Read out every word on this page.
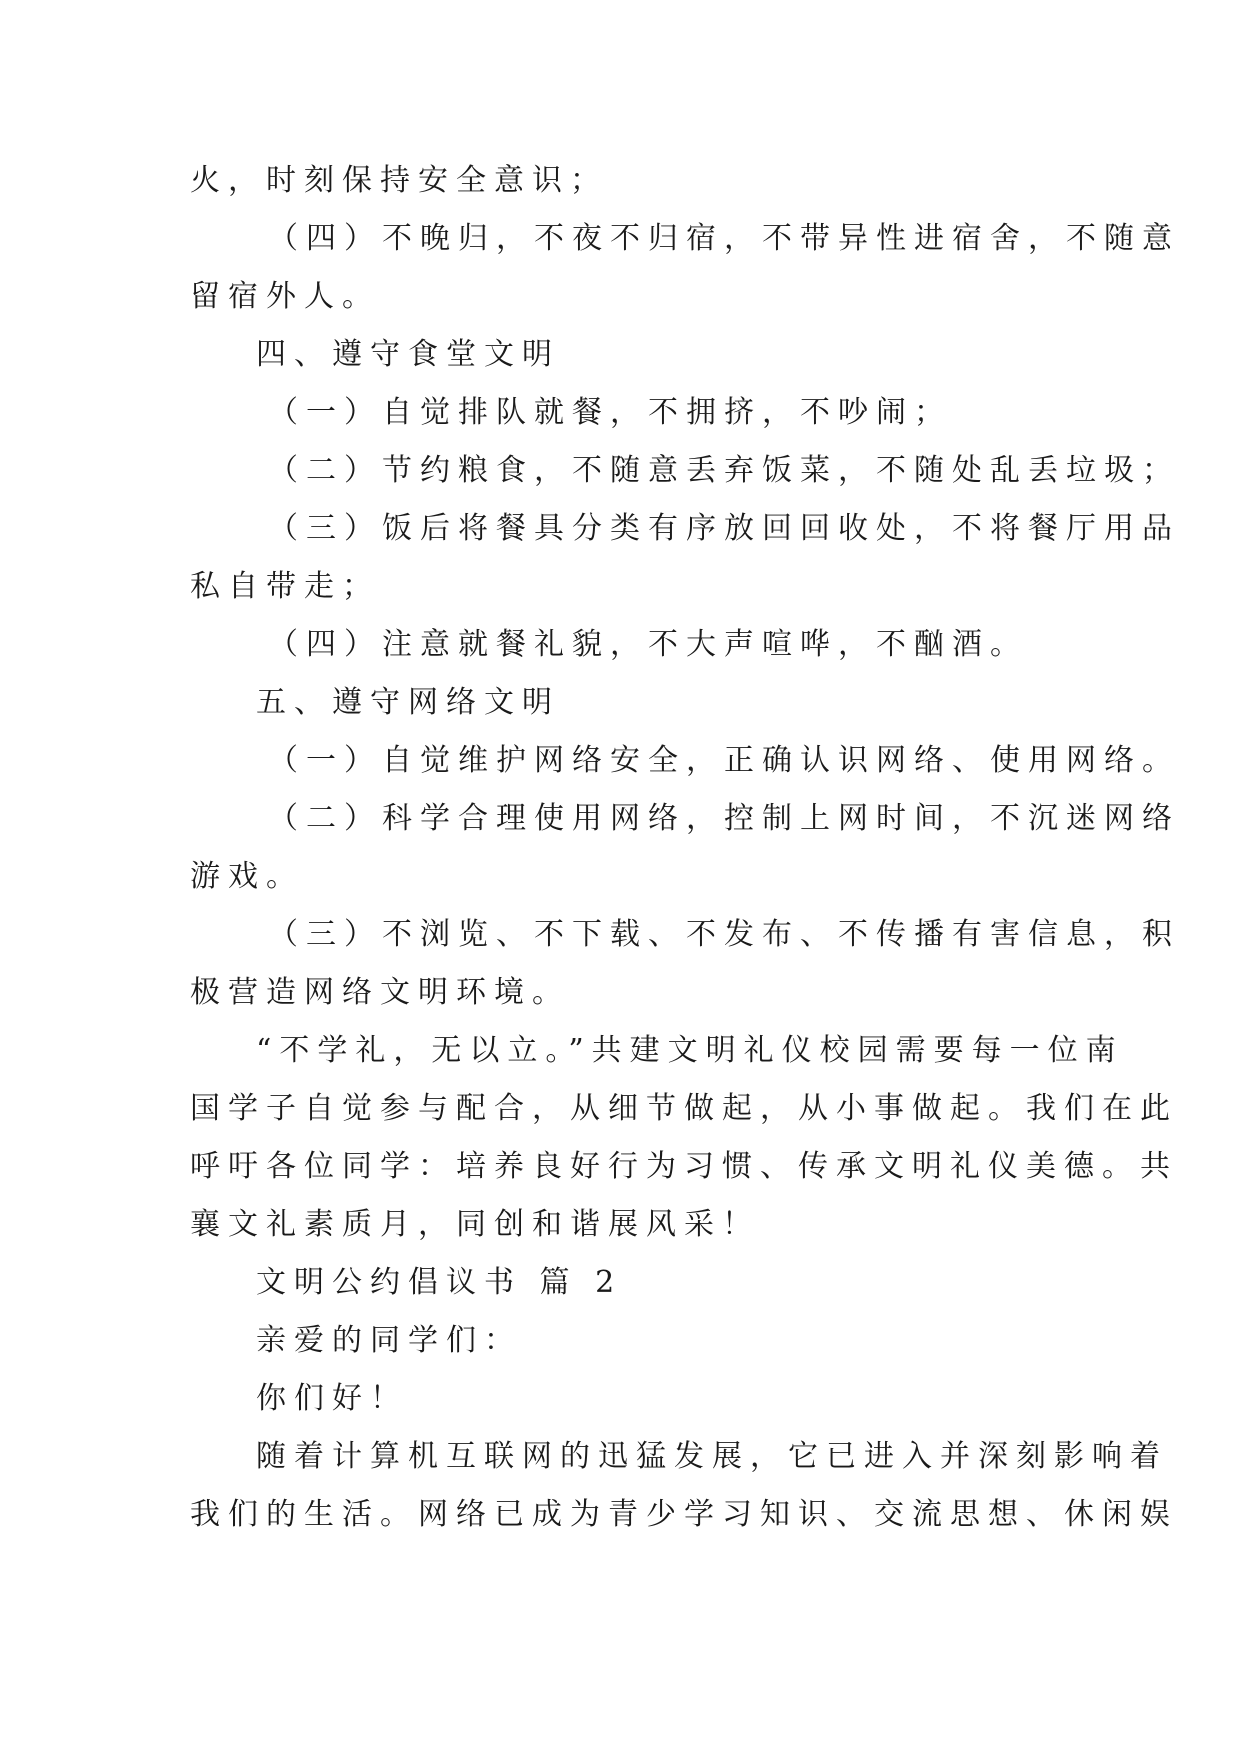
火，时刻保持安全意识；
（四）不晚归，不夜不归宿，不带异性进宿舍，不随意
留宿外人。
四、遵守食堂文明
（一）自觉排队就餐，不拥挤，不吵闹；
（二）节约粮食，不随意丢弃饭菜，不随处乱丢垃圾；
（三）饭后将餐具分类有序放回回收处，不将餐厅用品
私自带走；
（四）注意就餐礼貌，不大声喧哗，不酗酒。
五、遵守网络文明
（一）自觉维护网络安全，正确认识网络、使用网络。
（二）科学合理使用网络，控制上网时间，不沉迷网络
游戏。
（三）不浏览、不下载、不发布、不传播有害信息，积
极营造网络文明环境。
“不学礼，无以立。”共建文明礼仪校园需要每一位南
国学子自觉参与配合，从细节做起，从小事做起。我们在此
呼吁各位同学：培养良好行为习惯、传承文明礼仪美德。共
襄文礼素质月，同创和谐展风采！
文明公约倡议书 篇 2
亲爱的同学们：
你们好！
随着计算机互联网的迅猛发展，它已进入并深刻影响着
我们的生活。网络已成为青少学习知识、交流思想、休闲娱
